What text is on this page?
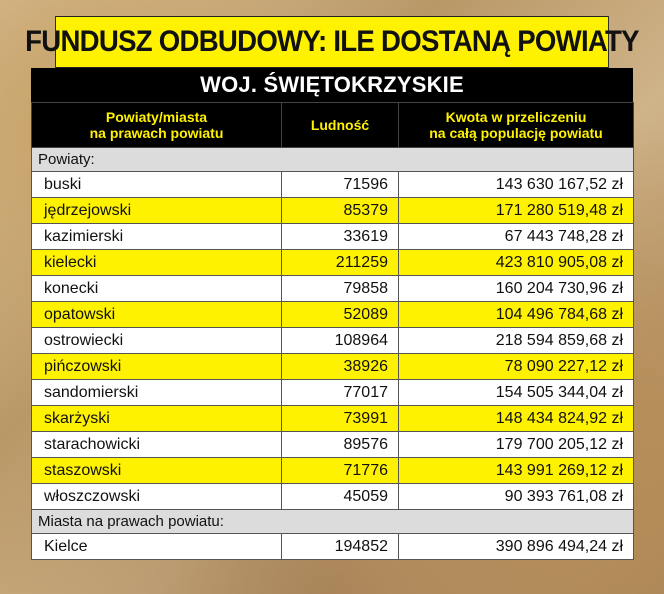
FUNDUSZ ODBUDOWY: ILE DOSTANĄ POWIATY
WOJ. ŚWIĘTOKRZYSKIE
Powiaty/miasta
na prawach powiatu	Ludność	Kwota w przeliczeniu
na całą populację powiatu
Powiaty:		
buski	71596	143 630 167,52 zł
jędrzejowski	85379	171 280 519,48 zł
kazimierski	33619	67 443 748,28 zł
kielecki	211259	423 810 905,08 zł
konecki	79858	160 204 730,96 zł
opatowski	52089	104 496 784,68 zł
ostrowiecki	108964	218 594 859,68 zł
pińczowski	38926	78 090 227,12 zł
sandomierski	77017	154 505 344,04 zł
skarżyski	73991	148 434 824,92 zł
starachowicki	89576	179 700 205,12 zł
staszowski	71776	143 991 269,12 zł
włoszczowski	45059	90 393 761,08 zł
Miasta na prawach powiatu:		
Kielce	194852	390 896 494,24 zł
